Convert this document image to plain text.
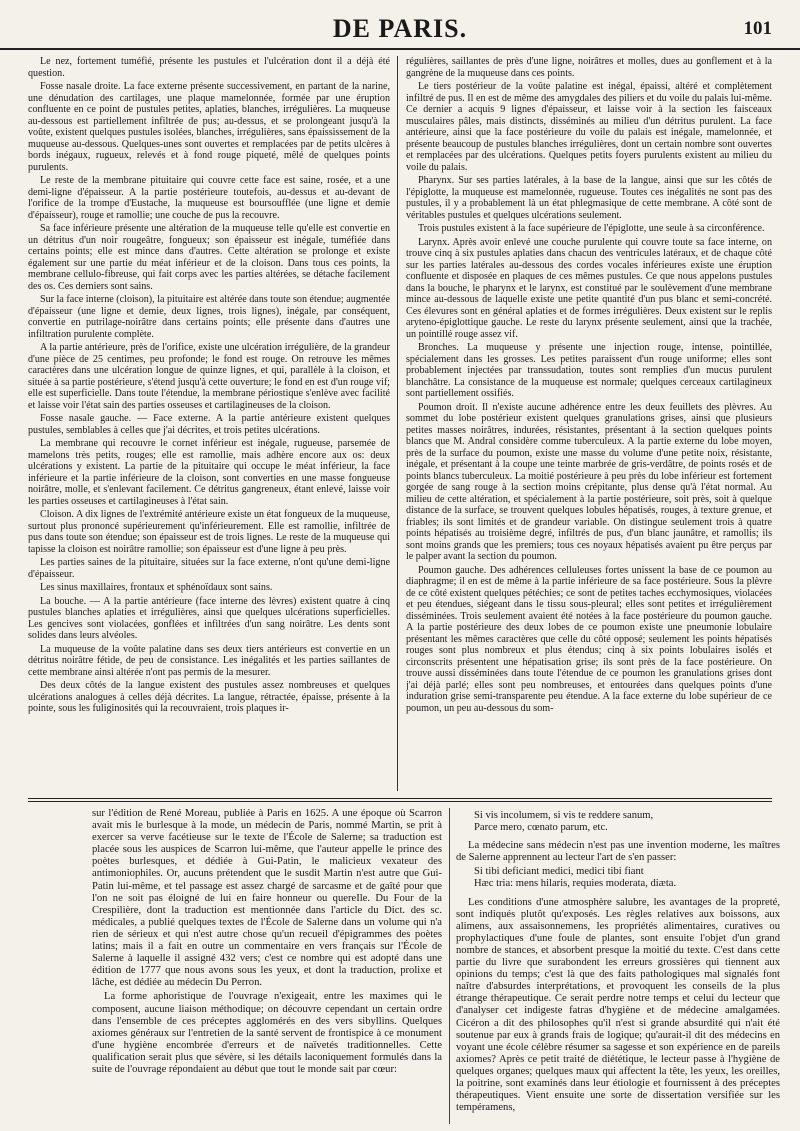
DE PARIS.	101

Le nez, fortement tuméfié, présente les pustules et l'ulcération dont il a déjà été question.

Fosse nasale droite. La face externe présente successivement, en partant de la narine, une dénudation des cartilages, une plaque mamelonnée, formée par une éruption confluente en ce point de pustules petites, aplaties, blanches, irrégulières. La muqueuse au-dessous est partiellement infiltrée de pus; au-dessus, et se prolongeant jusqu'à la voûte, existent quelques pustules isolées, blanches, irrégulières, sans épaississement de la muqueuse au-dessous. Quelques-unes sont ouvertes et remplacées par de petits ulcères à bords inégaux, rugueux, relevés et à fond rouge piqueté, mêlé de quelques points purulents.

Le reste de la membrane pituitaire qui couvre cette face est saine, rosée, et a une demi-ligne d'épaisseur. A la partie postérieure toutefois, au-dessus et au-devant de l'orifice de la trompe d'Eustache, la muqueuse est boursoufflée (une ligne et demie d'épaisseur), rouge et ramollie; une couche de pus la recouvre.

Sa face inférieure présente une altération de la muqueuse telle qu'elle est convertie en un détritus d'un noir rougeâtre, fongueux; son épaisseur est inégale, tuméfiée dans certains points; elle est mince dans d'autres. Cette altération se prolonge et existe également sur une partie du méat inférieur et de la cloison. Dans tous ces points, la membrane cellulo-fibreuse, qui fait corps avec les parties altérées, se détache facilement des os. Ces derniers sont sains.

Sur la face interne (cloison), la pituitaire est altérée dans toute son étendue; augmentée d'épaisseur (une ligne et demie, deux lignes, trois lignes), inégale, par conséquent, convertie en putrilage-noirâtre dans certains points; elle présente dans d'autres une infiltration purulente complète.

A la partie antérieure, près de l'orifice, existe une ulcération irrégulière, de la grandeur d'une pièce de 25 centimes, peu profonde; le fond est rouge. On retrouve les mêmes caractères dans une ulcération longue de quinze lignes, et qui, parallèle à la cloison, et située à sa partie postérieure, s'étend jusqu'à cette ouverture; le fond en est d'un rouge vif; elle est superficielle. Dans toute l'étendue, la membrane périostique s'enlève avec facilité et laisse voir l'état sain des parties osseuses et cartilagineuses de la cloison.

Fosse nasale gauche. — Face externe. A la partie antérieure existent quelques pustules, semblables à celles que j'ai décrites, et trois petites ulcérations.

La membrane qui recouvre le cornet inférieur est inégale, rugueuse, parsemée de mamelons très petits, rouges; elle est ramollie, mais adhère encore aux os: deux ulcérations y existent. La partie de la pituitaire qui occupe le méat inférieur, la face inférieure et la partie inférieure de la cloison, sont converties en une masse fongueuse noirâtre, molle, et s'enlevant facilement. Ce détritus gangreneux, étant enlevé, laisse voir les parties osseuses et cartilagineuses à l'état sain.

Cloison. A dix lignes de l'extrémité antérieure existe un état fongueux de la muqueuse, surtout plus prononcé supérieurement qu'inférieurement. Elle est ramollie, infiltrée de pus dans toute son étendue; son épaisseur est de trois lignes. Le reste de la muqueuse qui tapisse la cloison est noirâtre ramollie; son épaisseur est d'une ligne à peu près.

Les parties saines de la pituitaire, situées sur la face externe, n'ont qu'une demi-ligne d'épaisseur.

Les sinus maxillaires, frontaux et sphénoïdaux sont sains.

La bouche. — A la partie antérieure (face interne des lèvres) existent quatre à cinq pustules blanches aplaties et irrégulières, ainsi que quelques ulcérations superficielles. Les gencives sont violacées, gonflées et infiltrées d'un sang noirâtre. Les dents sont solides dans leurs alvéoles.

La muqueuse de la voûte palatine dans ses deux tiers antérieurs est convertie en un détritus noirâtre fétide, de peu de consistance. Les inégalités et les parties saillantes de cette membrane ainsi altérée n'ont pas permis de la mesurer.

Des deux côtés de la langue existent des pustules assez nombreuses et quelques ulcérations analogues à celles déjà décrites. La langue, rétractée, épaisse, présente à la pointe, sous les fuliginosités qui la recouvraient, trois plaques ir-

régulières, saillantes de près d'une ligne, noirâtres et molles, dues au gonflement et à la gangrène de la muqueuse dans ces points.

Le tiers postérieur de la voûte palatine est inégal, épaissi, altéré et complètement infiltré de pus. Il en est de même des amygdales des piliers et du voile du palais lui-même. Ce dernier a acquis 9 lignes d'épaisseur, et laisse voir à la section les faisceaux musculaires pâles, mais distincts, disséminés au milieu d'un détritus purulent. La face antérieure, ainsi que la face postérieure du voile du palais est inégale, mamelonnée, et présente beaucoup de pustules blanches irrégulières, dont un certain nombre sont ouvertes et remplacées par des ulcérations. Quelques petits foyers purulents existent au milieu du voile du palais.

Pharynx. Sur ses parties latérales, à la base de la langue, ainsi que sur les côtés de l'épiglotte, la muqueuse est mamelonnée, rugueuse. Toutes ces inégalités ne sont pas des pustules, il y a probablement là un état phlegmasique de cette membrane. A côté sont de véritables pustules et quelques ulcérations seulement.

Trois pustules existent à la face supérieure de l'épiglotte, une seule à sa circonférence.

Larynx. Après avoir enlevé une couche purulente qui couvre toute sa face interne, on trouve cinq à six pustules aplaties dans chacun des ventricules latéraux, et de chaque côté sur les parties latérales au-dessous des cordes vocales inférieures existe une éruption confluente et disposée en plaques de ces mêmes pustules. Ce que nous appelons pustules dans la bouche, le pharynx et le larynx, est constitué par le soulèvement d'une membrane mince au-dessous de laquelle existe une petite quantité d'un pus blanc et semi-concrété. Ces élevures sont en général aplaties et de formes irrégulières. Deux existent sur le replis aryteno-épiglottique gauche. Le reste du larynx présente seulement, ainsi que la trachée, un pointillé rouge assez vif.

Bronches. La muqueuse y présente une injection rouge, intense, pointillée, spécialement dans les grosses. Les petites paraissent d'un rouge uniforme; elles sont probablement injectées par transsudation, toutes sont remplies d'un mucus purulent blanchâtre. La consistance de la muqueuse est normale; quelques cerceaux cartilagineux sont partiellement ossifiés.

Poumon droit. Il n'existe aucune adhérence entre les deux feuillets des plèvres. Au sommet du lobe postérieur existent quelques granulations grises, ainsi que plusieurs petites masses noirâtres, indurées, résistantes, présentant à la section quelques points blancs que M. Andral considère comme tuberculeux. A la partie externe du lobe moyen, près de la surface du poumon, existe une masse du volume d'une petite noix, résistante, inégale, et présentant à la coupe une teinte marbrée de gris-verdâtre, de points rosés et de points blancs tuberculeux. La moitié postérieure à peu près du lobe inférieur est fortement gorgée de sang rouge à la section moins crépitante, plus dense qu'à l'état normal. Au milieu de cette altération, et spécialement à la partie postérieure, soit près, soit à quelque distance de la surface, se trouvent quelques lobules hépatisés, rouges, à texture grenue, et friables; ils sont limités et de grandeur variable. On distingue seulement trois à quatre points hépatisés au troisième degré, infiltrés de pus, d'un blanc jaunâtre, et ramollis; ils sont moins grands que les premiers; tous ces noyaux hépatisés avaient pu être perçus par le palper avant la section du poumon.

Poumon gauche. Des adhérences celluleuses fortes unissent la base de ce poumon au diaphragme; il en est de même à la partie inférieure de sa face postérieure. Sous la plèvre de ce côté existent quelques pétéchies; ce sont de petites taches ecchymosiques, violacées et peu étendues, siégeant dans le tissu sous-pleural; elles sont petites et irrégulièrement disséminées. Trois seulement avaient été notées à la face postérieure du poumon gauche. A la partie postérieure des deux lobes de ce poumon existe une pneumonie lobulaire présentant les mêmes caractères que celle du côté opposé; seulement les points hépatisés rouges sont plus nombreux et plus étendus; cinq à six points lobulaires isolés et circonscrits présentent une hépatisation grise; ils sont près de la face postérieure. On trouve aussi disséminées dans toute l'étendue de ce poumon les granulations grises dont j'ai déjà parlé; elles sont peu nombreuses, et entourées dans quelques points d'une induration grise semi-transparente peu étendue. A la face externe du lobe supérieur de ce poumon, un peu au-dessous du som-

sur l'édition de René Moreau, publiée à Paris en 1625. A une époque où Scarron avait mis le burlesque à la mode, un médecin de Paris, nommé Martin, se prit à exercer sa verve facétieuse sur le texte de l'École de Salerne; sa traduction est placée sous les auspices de Scarron lui-même, que l'auteur appelle le prince des poètes burlesques, et dédiée à Gui-Patin, le malicieux vexateur des antimoniophiles. Or, aucuns prétendent que le susdit Martin n'est autre que Gui-Patin lui-même, et tel passage est assez chargé de sarcasme et de gaîté pour que l'on ne soit pas éloigné de lui en faire honneur ou quereIle. Du Four de la Crespilière, dont la traduction est mentionnée dans l'article du Dict. des sc. médicales, a publié quelques textes de l'École de Salerne dans un volume qui n'a rien de sérieux et qui n'est autre chose qu'un recueil d'épigrammes des poètes latins; mais il a fait en outre un commentaire en vers français sur l'École de Salerne à laquelle il assigné 432 vers; c'est ce nombre qui est adopté dans une édition de 1777 que nous avons sous les yeux, et dont la traduction, prolixe et lâche, est dédiée au médecin Du Perron.

La forme aphoristique de l'ouvrage n'exigeait, entre les maximes qui le composent, aucune liaison méthodique; on découvre cependant un certain ordre dans l'ensemble de ces préceptes agglomérés en des vers sibyllins. Quelques axiomes généraux sur l'entretien de la santé servent de frontispice à ce monument d'une hygiène encombrée d'erreurs et de naïvetés traditionnelles. Cette qualification serait plus que sévère, si les détails laconiquement formulés dans la suite de l'ouvrage répondaient au début que tout le monde sait par cœur:

Si vis incolumem, si vis te reddere sanum,
Parce mero, cœnato parum, etc.

La médecine sans médecin n'est pas une invention moderne, les maîtres de Salerne apprennent au lecteur l'art de s'en passer:

Si tibi deficiant medici, medici tibi fiant
Hæc tria: mens hilaris, requies moderata, diæta.

Les conditions d'une atmosphère salubre, les avantages de la propreté, sont indiqués plutôt qu'exposés. Les règles relatives aux boissons, aux alimens, aux assaisonnemens, les propriétés alimentaires, curatives ou prophylactiques d'une foule de plantes, sont ensuite l'objet d'un grand nombre de stances, et absorbent presque la moitié du texte. C'est dans cette partie du livre que surabondent les erreurs grossières qui tiennent aux opinions du temps; c'est là que des faits pathologiques mal signalés font naître d'absurdes interprétations, et provoquent les conseils de la plus étrange thérapeutique. Ce serait perdre notre temps et celui du lecteur que d'analyser cet indigeste fatras d'hygiène et de médecine amalgamées. Cicéron a dit des philosophes qu'il n'est si grande absurdité qui n'ait été soutenue par eux à grands frais de logique; qu'aurait-il dit des médecins en voyant une école célèbre résumer sa sagesse et son expérience en de pareils axiomes? Après ce petit traité de diététique, le lecteur passe à l'hygiène de quelques organes; quelques maux qui affectent la tête, les yeux, les oreilles, la poitrine, sont examinés dans leur étiologie et fournissent à des préceptes thérapeutiques. Vient ensuite une sorte de dissertation versifiée sur les tempéramens,
